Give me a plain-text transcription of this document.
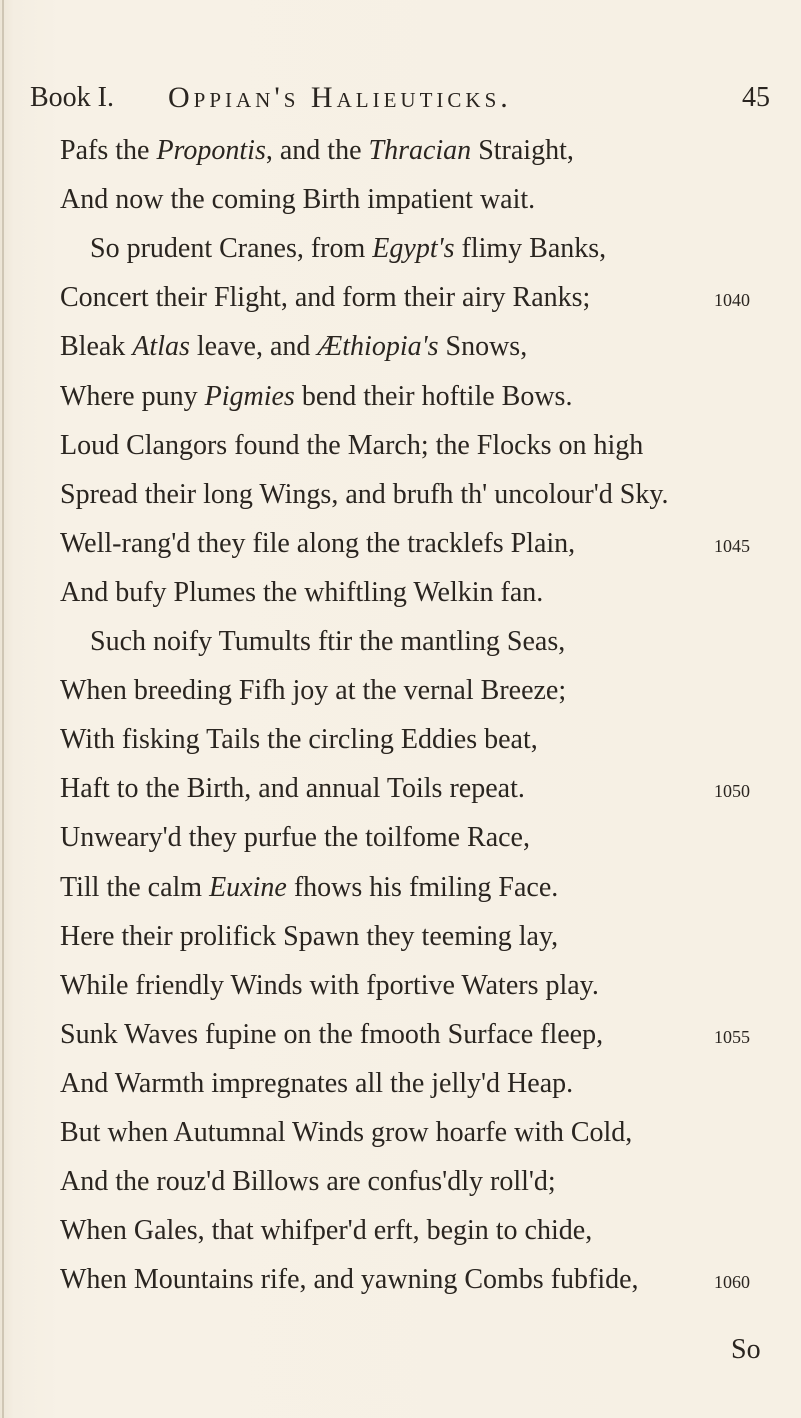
Book I. Oppian's Halieuticks.	45
Pafs the Propontis, and the Thracian Straight,
And now the coming Birth impatient wait.
So prudent Cranes, from Egypt's flimy Banks,
Concert their Flight, and form their airy Ranks;	1040
Bleak Atlas leave, and Æthiopia's Snows,
Where puny Pigmies bend their hoftile Bows.
Loud Clangors found the March; the Flocks on high
Spread their long Wings, and brufh th' uncolour'd Sky.
Well-rang'd they file along the tracklefs Plain,	1045
And bufy Plumes the whiftling Welkin fan.
Such noify Tumults ftir the mantling Seas,
When breeding Fifh joy at the vernal Breeze;
With fisking Tails the circling Eddies beat,
Haft to the Birth, and annual Toils repeat.	1050
Unweary'd they purfue the toilfome Race,
Till the calm Euxine fhows his fmiling Face.
Here their prolifick Spawn they teeming lay,
While friendly Winds with fportive Waters play.
Sunk Waves fupine on the fmooth Surface fleep,	1055
And Warmth impregnates all the jelly'd Heap.
But when Autumnal Winds grow hoarfe with Cold,
And the rouz'd Billows are confus'dly roll'd;
When Gales, that whifper'd erft, begin to chide,
When Mountains rife, and yawning Combs fubfide,	1060
So
